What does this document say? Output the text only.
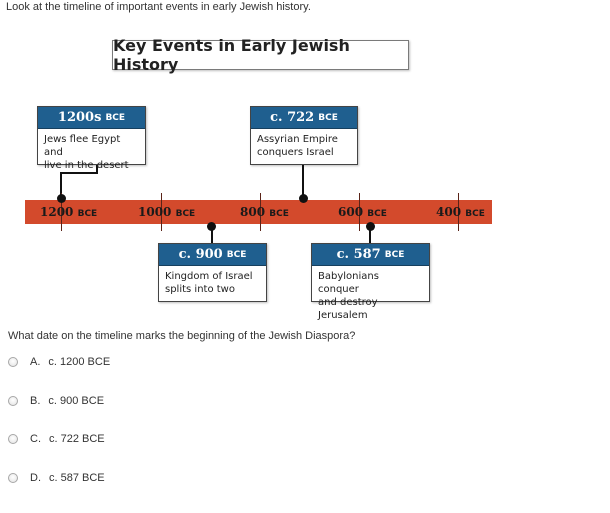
Look at the timeline of important events in early Jewish history.
Key Events in Early Jewish History
1200 BCE	1000 BCE	800 BCE	600 BCE	400 BCE
1200s BCE
Jews flee Egypt and
live in the desert
c. 722 BCE
Assyrian Empire
conquers Israel
c. 900 BCE
Kingdom of Israel
splits into two
c. 587 BCE
Babylonians conquer
and destroy Jerusalem
What date on the timeline marks the beginning of the Jewish Diaspora?
A. c. 1200 BCE
B. c. 900 BCE
C. c. 722 BCE
D. c. 587 BCE
